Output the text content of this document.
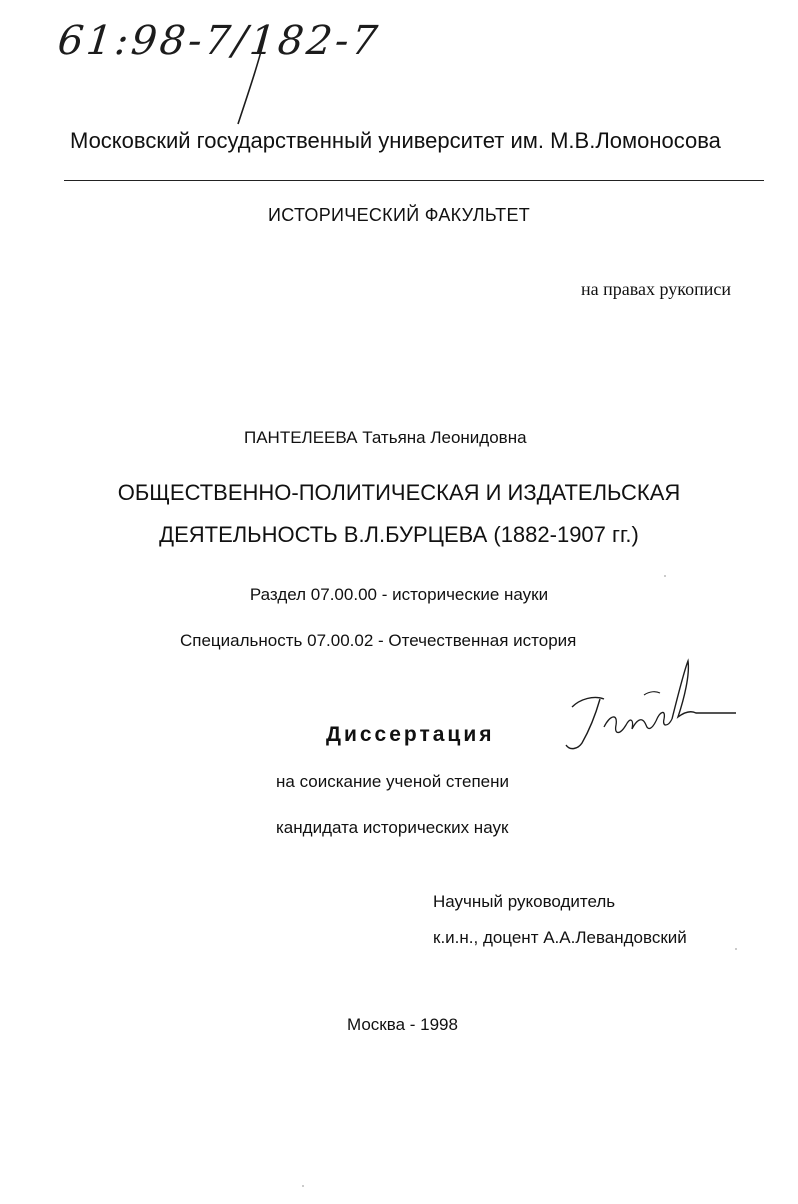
61:98-7/182-7
Московский государственный университет им. М.В.Ломоносова
ИСТОРИЧЕСКИЙ ФАКУЛЬТЕТ
на правах рукописи
ПАНТЕЛЕЕВА Татьяна Леонидовна
ОБЩЕСТВЕННО-ПОЛИТИЧЕСКАЯ И ИЗДАТЕЛЬСКАЯ
ДЕЯТЕЛЬНОСТЬ В.Л.БУРЦЕВА (1882-1907 гг.)
Раздел 07.00.00 - исторические науки
Специальность 07.00.02 - Отечественная история
Диссертация
на соискание ученой степени
кандидата исторических наук
Научный руководитель
к.и.н., доцент А.А.Левандовский
Москва - 1998
